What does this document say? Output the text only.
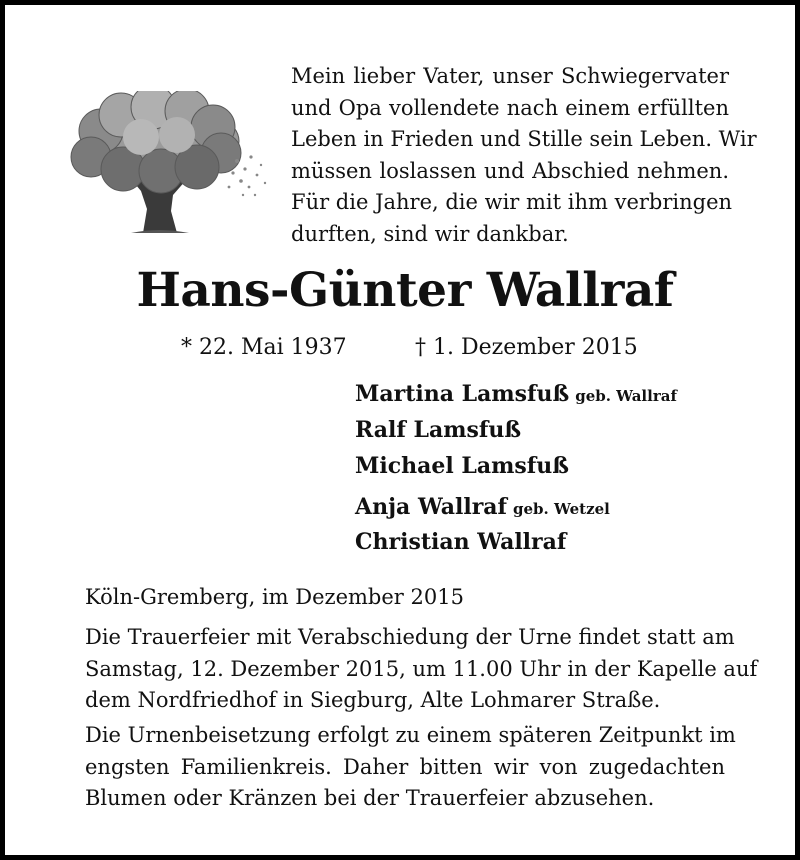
Mein lieber Vater, unser Schwiegervater
und Opa vollendete nach einem erfüllten
Leben in Frieden und Stille sein Leben. Wir
müssen loslassen und Abschied nehmen.
Für die Jahre, die wir mit ihm verbringen
durften, sind wir dankbar.
Hans-Günter Wallraf
* 22. Mai 1937	† 1. Dezember 2015
Martina Lamsfuß geb. Wallraf
Ralf Lamsfuß
Michael Lamsfuß
Anja Wallraf geb. Wetzel
Christian Wallraf
Köln-Gremberg, im Dezember 2015
Die Trauerfeier mit Verabschiedung der Urne findet statt am
Samstag, 12. Dezember 2015, um 11.00 Uhr in der Kapelle auf
dem Nordfriedhof in Siegburg, Alte Lohmarer Straße.
Die Urnenbeisetzung erfolgt zu einem späteren Zeitpunkt im
engsten Familienkreis. Daher bitten wir von zugedachten
Blumen oder Kränzen bei der Trauerfeier abzusehen.
